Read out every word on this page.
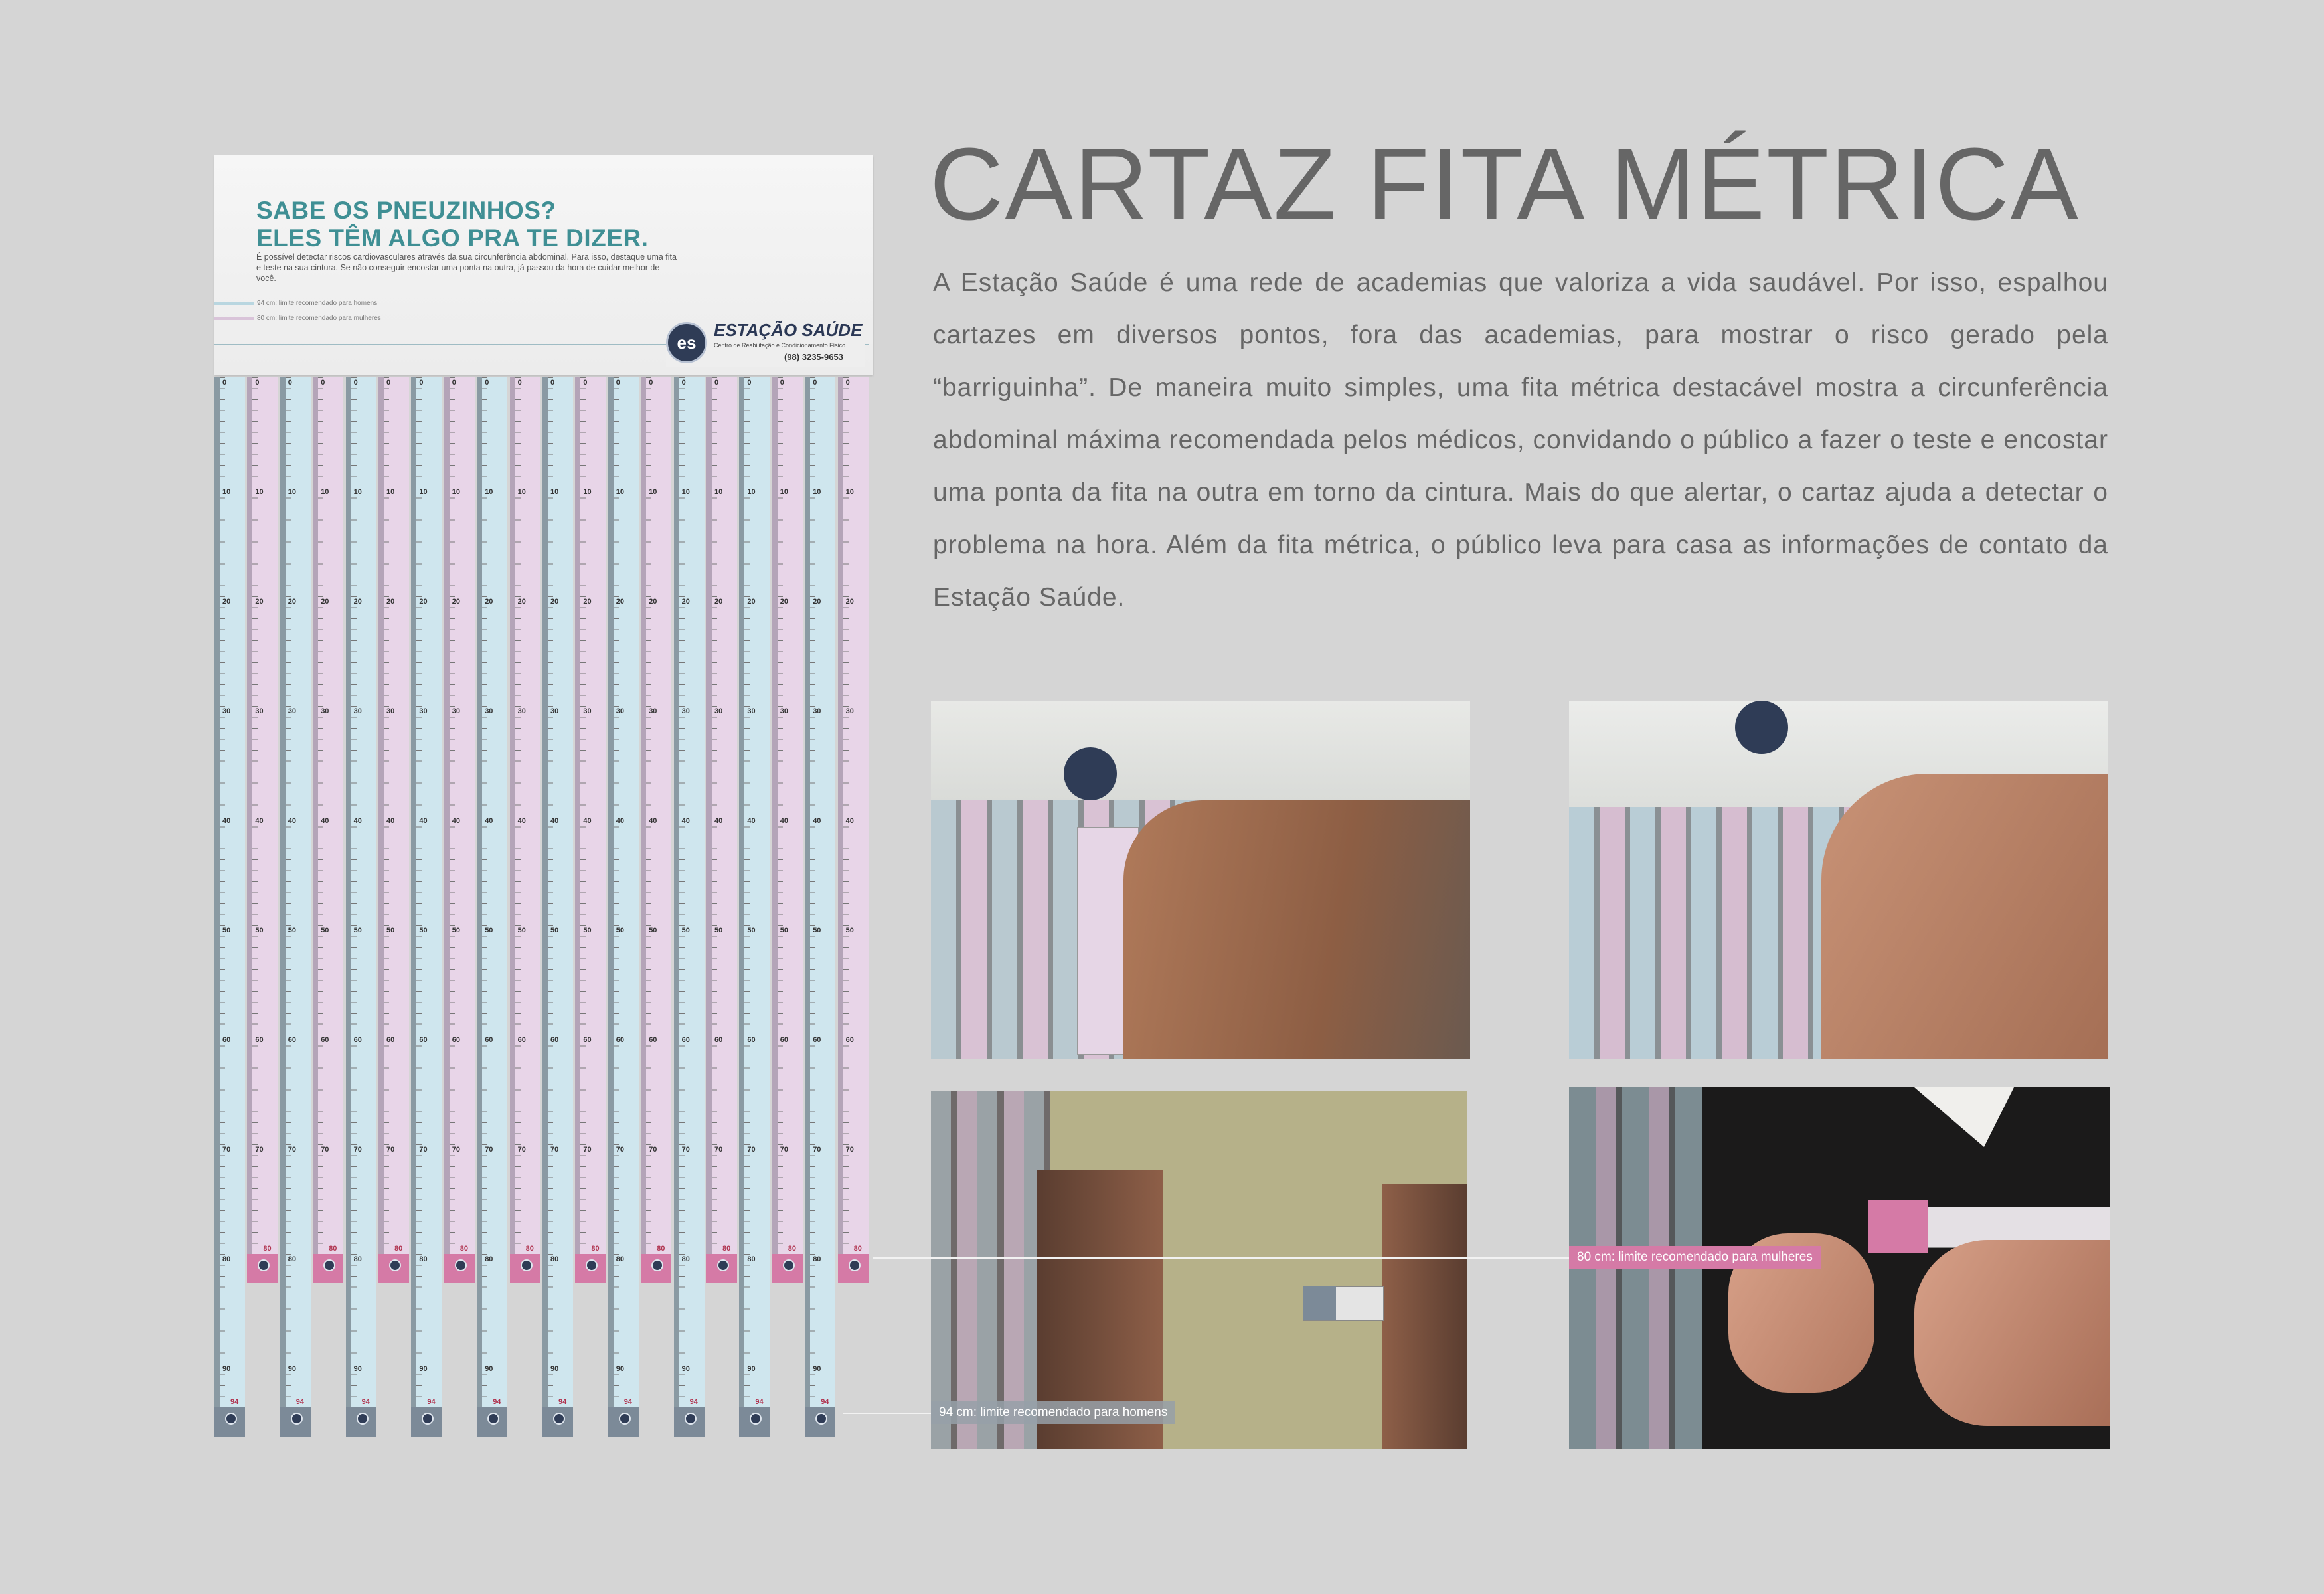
SABE OS PNEUZINHOS?
ELES TÊM ALGO PRA TE DIZER.

É possível detectar riscos cardiovasculares através da sua circunferência abdominal. Para isso, destaque uma fita e teste na sua cintura. Se não conseguir encostar uma ponta na outra, já passou da hora de cuidar melhor de você.

94 cm: limite recomendado para homens
80 cm: limite recomendado para mulheres
es
ESTAÇÃO SAÚDE
Centro de Reabilitação e Condicionamento Físico
(98) 3235-9653
0
10
20
30
40
50
60
70
80
90
94
0
10
20
30
40
50
60
70
80
0
10
20
30
40
50
60
70
80
90
94
0
10
20
30
40
50
60
70
80
0
10
20
30
40
50
60
70
80
90
94
0
10
20
30
40
50
60
70
80
0
10
20
30
40
50
60
70
80
90
94
0
10
20
30
40
50
60
70
80
0
10
20
30
40
50
60
70
80
90
94
0
10
20
30
40
50
60
70
80
0
10
20
30
40
50
60
70
80
90
94
0
10
20
30
40
50
60
70
80
0
10
20
30
40
50
60
70
80
90
94
0
10
20
30
40
50
60
70
80
0
10
20
30
40
50
60
70
80
90
94
0
10
20
30
40
50
60
70
80
0
10
20
30
40
50
60
70
80
90
94
0
10
20
30
40
50
60
70
80
0
10
20
30
40
50
60
70
80
90
94
0
10
20
30
40
50
60
70
80
CARTAZ FITA MÉTRICA

A Estação Saúde é uma rede de academias que valoriza a vida saudável. Por isso, espalhou cartazes em diversos pontos, fora das academias, para mostrar o risco gerado pela “barriguinha”. De maneira muito simples, uma fita métrica destacável mostra a circunferência abdominal máxima recomendada pelos médicos, convidando o público a fazer o teste e encostar uma ponta da fita na outra em torno da cintura. Mais do que alertar, o cartaz ajuda a detectar o problema na hora. Além da fita métrica, o público leva para casa as informações de contato da Estação Saúde.

80 cm: limite recomendado para mulheres
94 cm: limite recomendado para homens
